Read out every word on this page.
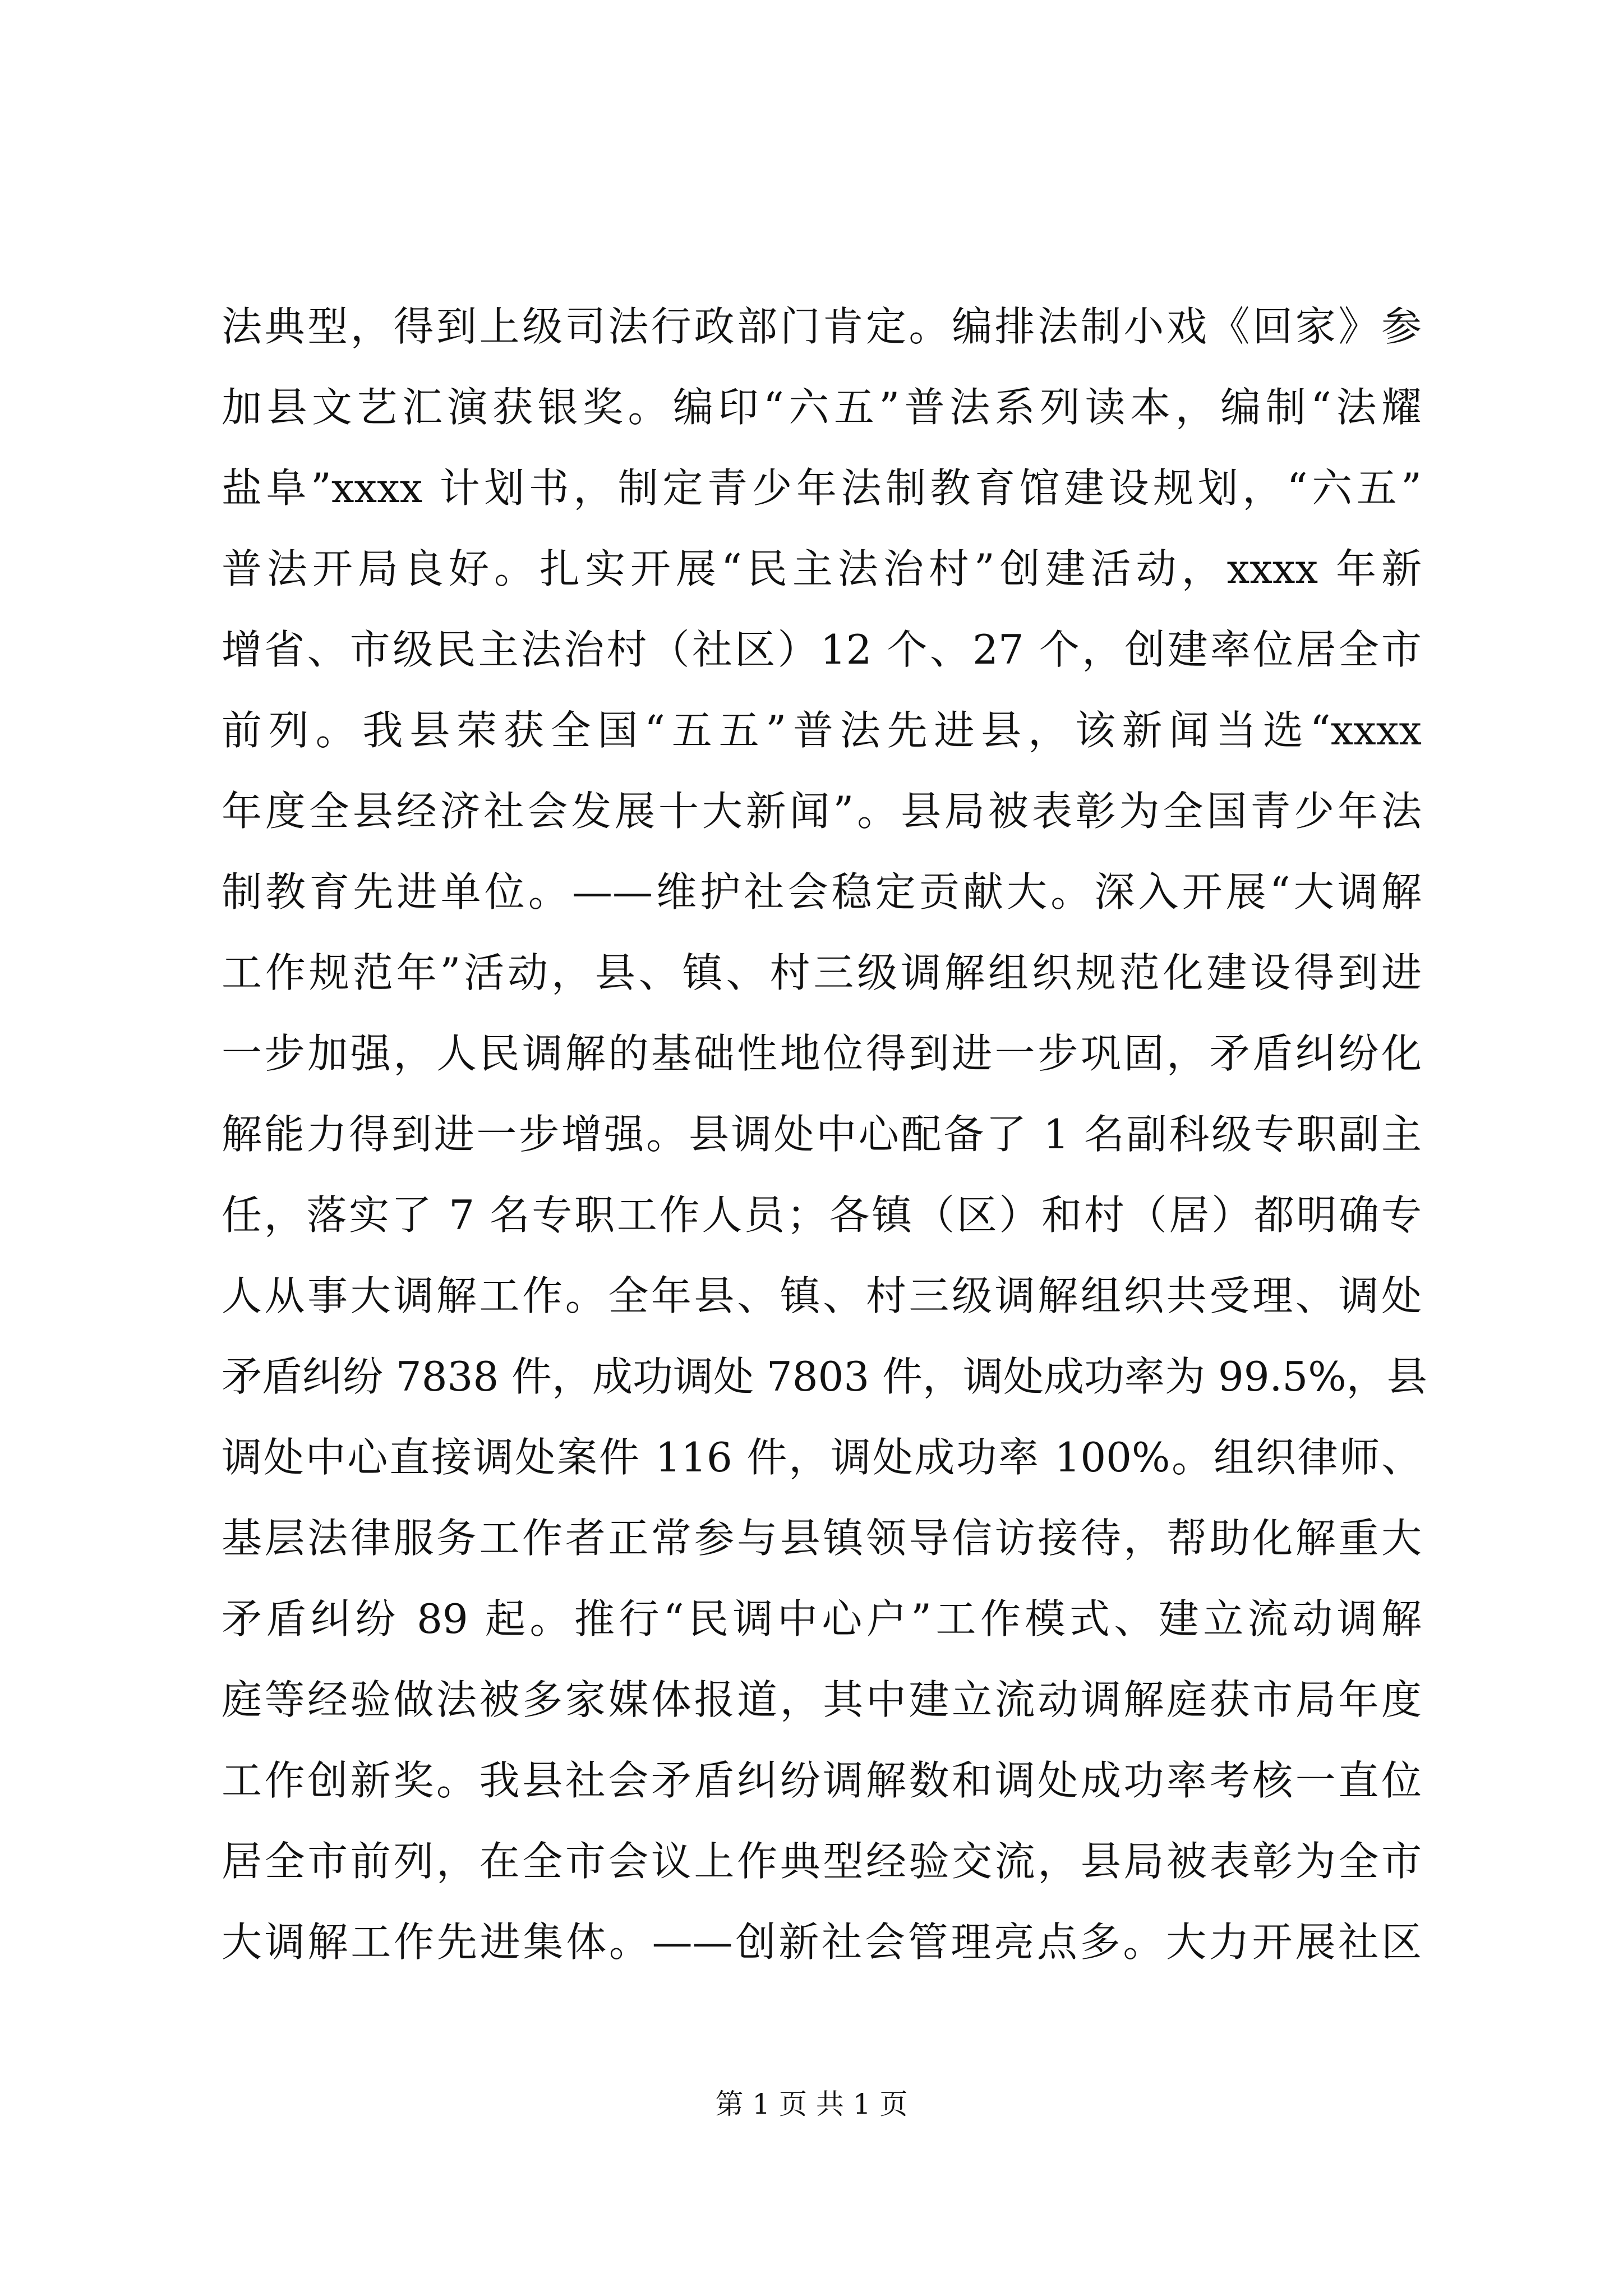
法典型，得到上级司法行政部门肯定。编排法制小戏《回家》参
加县文艺汇演获银奖。编印“六五”普法系列读本，编制“法耀
盐阜”xxxx 计划书，制定青少年法制教育馆建设规划，“六五”
普法开局良好。扎实开展“民主法治村”创建活动，xxxx 年新
增省、市级民主法治村（社区）12 个、27 个，创建率位居全市
前列。我县荣获全国“五五”普法先进县，该新闻当选“xxxx
年度全县经济社会发展十大新闻”。县局被表彰为全国青少年法
制教育先进单位。——维护社会稳定贡献大。深入开展“大调解
工作规范年”活动，县、镇、村三级调解组织规范化建设得到进
一步加强，人民调解的基础性地位得到进一步巩固，矛盾纠纷化
解能力得到进一步增强。县调处中心配备了 1 名副科级专职副主
任，落实了 7 名专职工作人员；各镇（区）和村（居）都明确专
人从事大调解工作。全年县、镇、村三级调解组织共受理、调处
矛盾纠纷 7838 件，成功调处 7803 件，调处成功率为 99.5%，县
调处中心直接调处案件 116 件，调处成功率 100%。组织律师、
基层法律服务工作者正常参与县镇领导信访接待，帮助化解重大
矛盾纠纷 89 起。推行“民调中心户”工作模式、建立流动调解
庭等经验做法被多家媒体报道，其中建立流动调解庭获市局年度
工作创新奖。我县社会矛盾纠纷调解数和调处成功率考核一直位
居全市前列，在全市会议上作典型经验交流，县局被表彰为全市
大调解工作先进集体。——创新社会管理亮点多。大力开展社区
第 1 页 共 1 页
